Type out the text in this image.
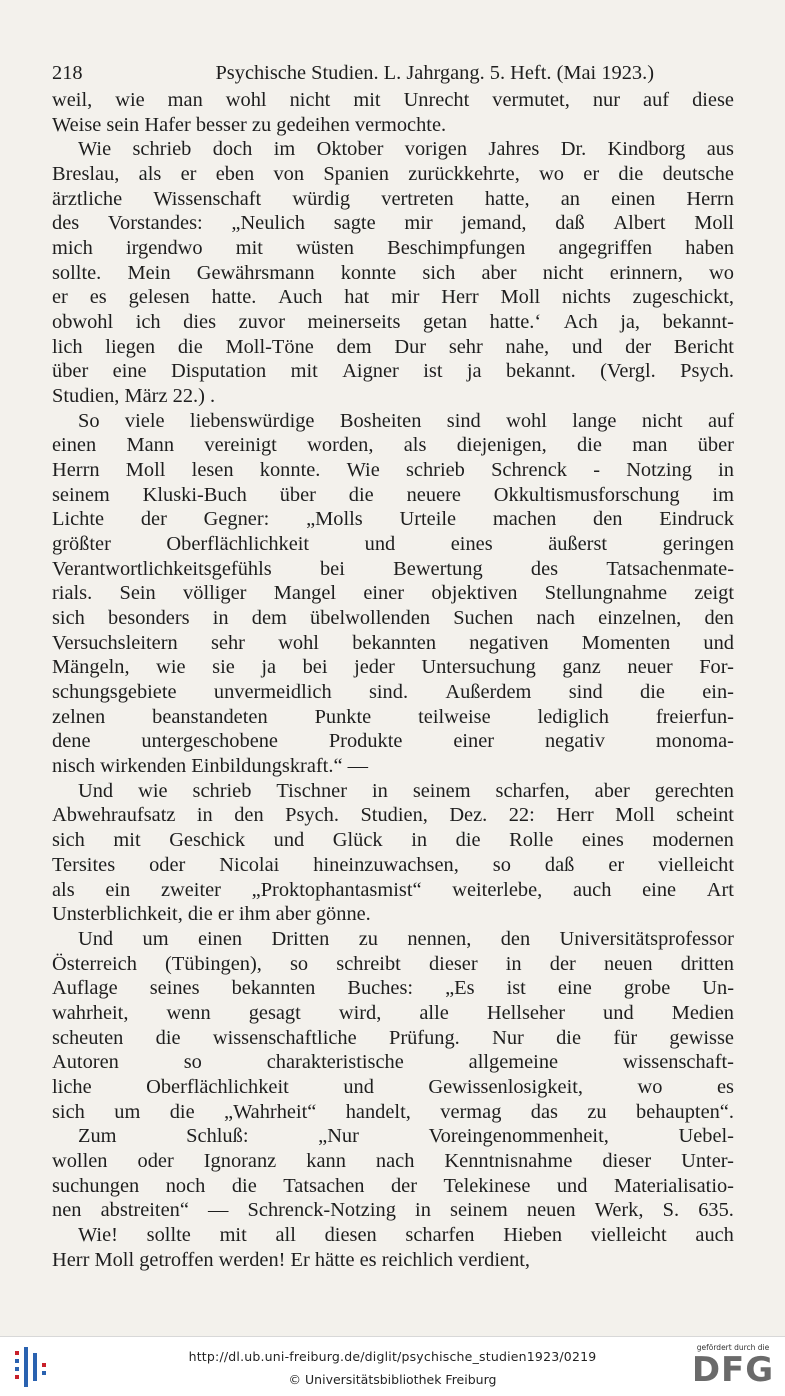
218	Psychische Studien. L. Jahrgang. 5. Heft. (Mai 1923.)
weil, wie man wohl nicht mit Unrecht vermutet, nur auf diese
Weise sein Hafer besser zu gedeihen vermochte.
Wie schrieb doch im Oktober vorigen Jahres Dr. Kindborg aus
Breslau, als er eben von Spanien zurückkehrte, wo er die deutsche
ärztliche Wissenschaft würdig vertreten hatte, an einen Herrn
des Vorstandes: „Neulich sagte mir jemand, daß Albert Moll
mich irgendwo mit wüsten Beschimpfungen angegriffen haben
sollte. Mein Gewährsmann konnte sich aber nicht erinnern, wo
er es gelesen hatte. Auch hat mir Herr Moll nichts zugeschickt,
obwohl ich dies zuvor meinerseits getan hatte.‘ Ach ja, bekannt-
lich liegen die Moll-Töne dem Dur sehr nahe, und der Bericht
über eine Disputation mit Aigner ist ja bekannt. (Vergl. Psych.
Studien, März 22.) .
So viele liebenswürdige Bosheiten sind wohl lange nicht auf
einen Mann vereinigt worden, als diejenigen, die man über
Herrn Moll lesen konnte. Wie schrieb Schrenck - Notzing in
seinem Kluski-Buch über die neuere Okkultismusforschung im
Lichte der Gegner: „Molls Urteile machen den Eindruck
größter	Oberflächlichkeit	und	eines	äußerst	geringen
Verantwortlichkeitsgefühls bei Bewertung des Tatsachenmate-
rials. Sein völliger Mangel einer objektiven Stellungnahme zeigt
sich besonders in dem übelwollenden Suchen nach einzelnen, den
Versuchsleitern sehr wohl bekannten negativen Momenten und
Mängeln, wie sie ja bei jeder Untersuchung ganz neuer For-
schungsgebiete unvermeidlich sind. Außerdem sind die ein-
zelnen beanstandeten Punkte teilweise lediglich freierfun-
dene untergeschobene Produkte einer negativ monoma-
nisch wirkenden Einbildungskraft.“ —
Und wie schrieb Tischner in seinem scharfen, aber gerechten
Abwehraufsatz in den Psych. Studien, Dez. 22: Herr Moll scheint
sich mit Geschick und Glück in die Rolle eines modernen
Tersites oder Nicolai hineinzuwachsen, so daß er vielleicht
als ein zweiter „Proktophantasmist“ weiterlebe, auch eine Art
Unsterblichkeit, die er ihm aber gönne.
Und um einen Dritten zu nennen, den Universitätsprofessor
Österreich (Tübingen), so schreibt dieser in der neuen dritten
Auflage seines bekannten Buches: „Es ist eine grobe Un-
wahrheit, wenn gesagt wird, alle Hellseher und Medien
scheuten die wissenschaftliche Prüfung. Nur die für gewisse
Autoren	so	charakteristische	allgemeine	wissenschaft-
liche	Oberflächlichkeit	und	Gewissenlosigkeit,	wo	es
sich um die „Wahrheit“ handelt, vermag das zu behaupten“.
Zum	Schluß:	„Nur	Voreingenommenheit,	Uebel-
wollen oder Ignoranz kann nach Kenntnisnahme dieser Unter-
suchungen noch die Tatsachen der Telekinese und Materialisatio-
nen abstreiten“ — Schrenck-Notzing in seinem neuen Werk, S. 635.
Wie! sollte mit all diesen scharfen Hieben vielleicht auch
Herr Moll getroffen werden! Er hätte es reichlich verdient,
http://dl.ub.uni-freiburg.de/diglit/psychische_studien1923/0219
© Universitätsbibliothek Freiburg
gefördert durch die
DFG
